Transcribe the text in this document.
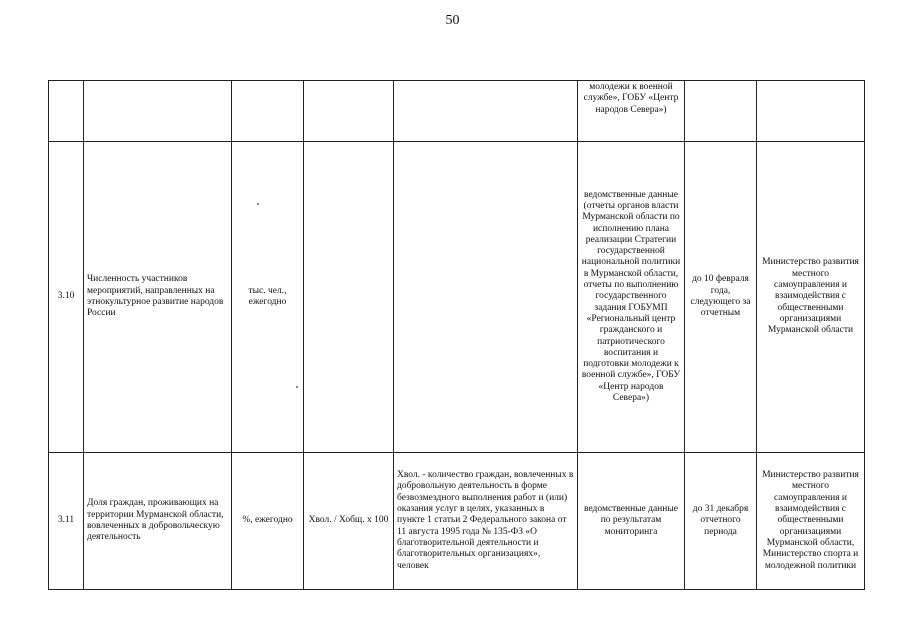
50
					молодежи к военной службе», ГОБУ «Центр народов Севера»)		
3.10	Численность участников мероприятий, направленных на этнокультурное развитие народов России	тыс. чел., ежегодно			ведомственные данные (отчеты органов власти Мурманской области по исполнению плана реализации Стратегии государственной национальной политики в Мурманской области, отчеты по выполнению государственного задания ГОБУМП «Региональный центр гражданского и патриотического воспитания и подготовки молодежи к военной службе», ГОБУ «Центр народов Севера»)	до 10 февраля года, следующего за отчетным	Министерство развития местного самоуправления и взаимодействия с общественными организациями Мурманской области
3.11	Доля граждан, проживающих на территории Мурманской области, вовлеченных в добровольческую деятельность	%, ежегодно	Хвол. / Хобщ. х 100	Хвол. - количество граждан, вовлеченных в добровольную деятельность в форме безвозмездного выполнения работ и (или) оказания услуг в целях, указанных в пункте 1 статьи 2 Федерального закона от 11 августа 1995 года № 135-ФЗ «О благотворительной деятельности и благотворительных организациях», человек	ведомственные данные по результатам мониторинга	до 31 декабря отчетного периода	Министерство развития местного самоуправления и взаимодействия с общественными организациями Мурманской области, Министерство спорта и молодежной политики
